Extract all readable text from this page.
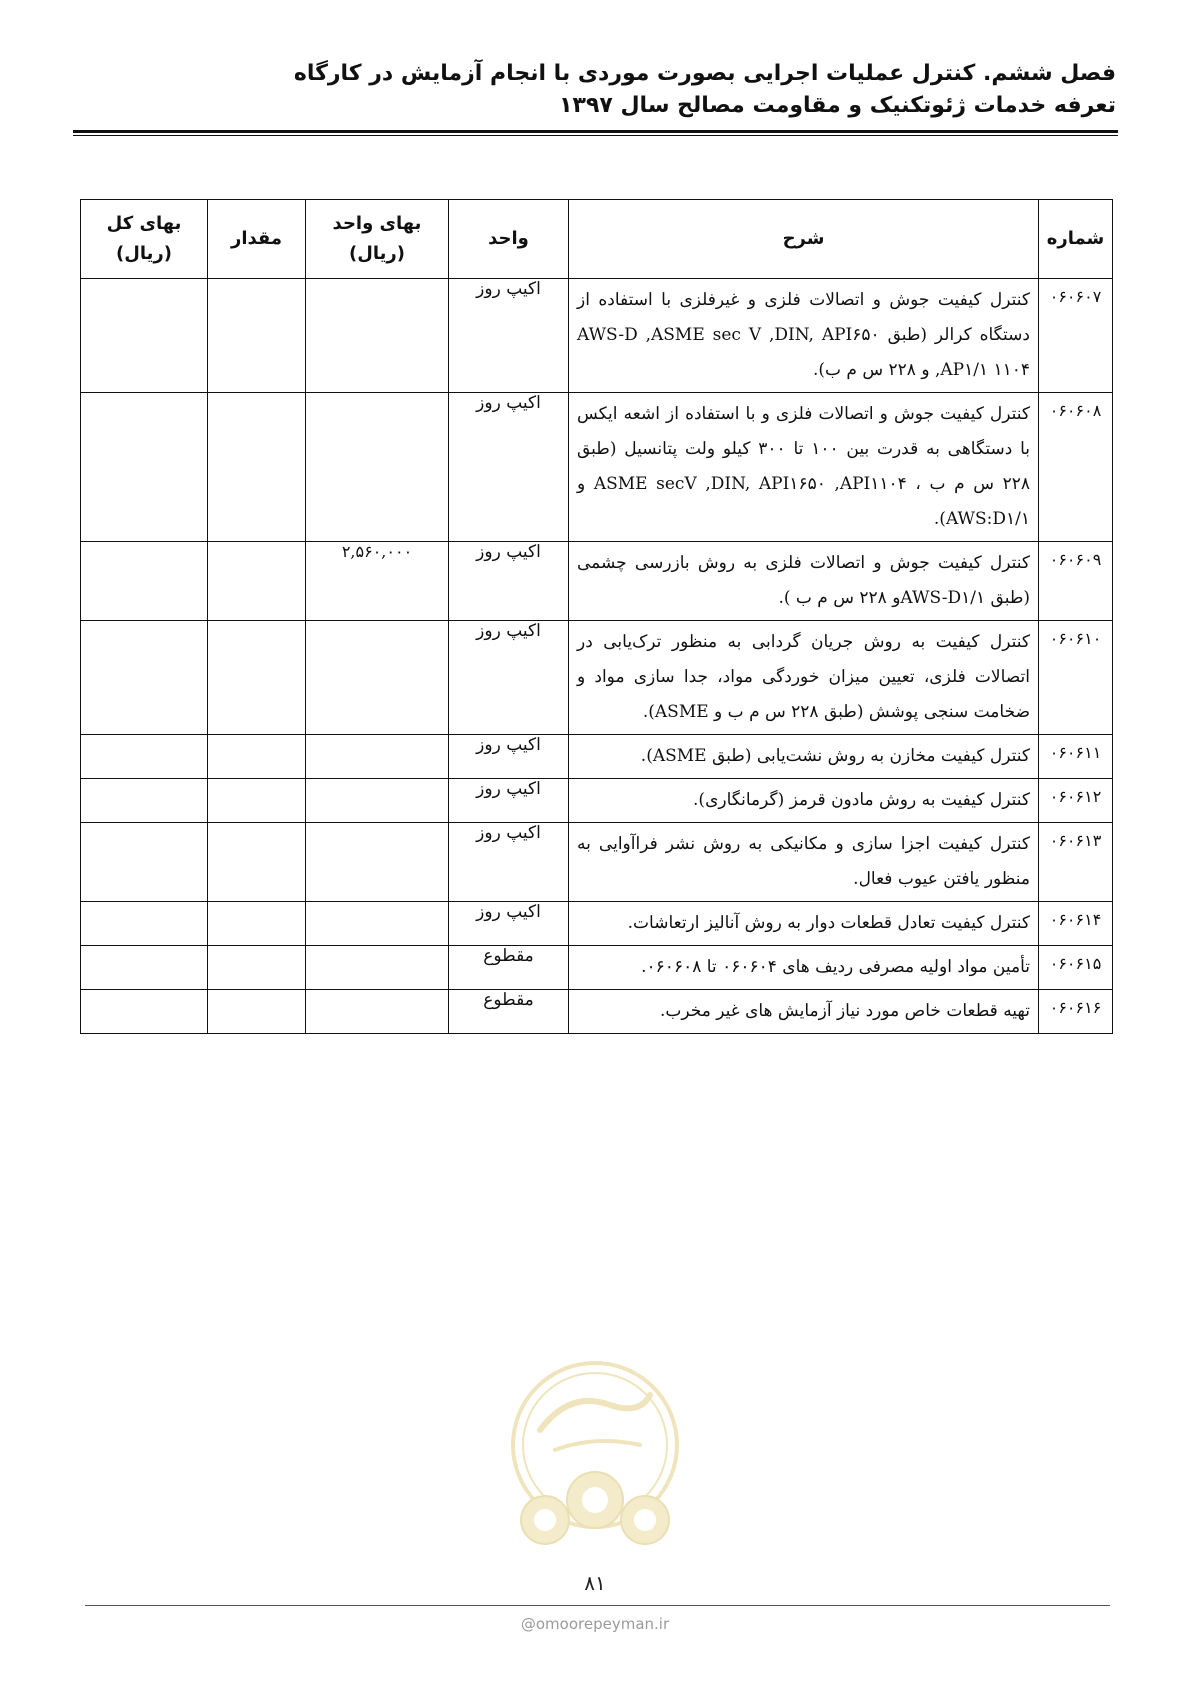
فصل ششم. کنترل عملیات اجرایی بصورت موردی با انجام آزمایش در کارگاه
تعرفه خدمات ژئوتکنیک و مقاومت مصالح سال ۱۳۹۷
شماره	شرح	واحد	بهای واحد (ریال)	مقدار	بهای کل (ریال)
۰۶۰۶۰۷	کنترل کیفیت جوش و اتصالات فلزی و غیرفلزی با استفاده از دستگاه کرالر (طبق AWS-D ,ASME sec V ,DIN, API۶۵۰ ,AP۱/۱ ۱۱۰۴ و ۲۲۸ س م ب).	اکیپ روز			
۰۶۰۶۰۸	کنترل کیفیت جوش و اتصالات فلزی و با استفاده از اشعه ایکس با دستگاهی به قدرت بین ۱۰۰ تا ۳۰۰ کیلو ولت پتانسیل (طبق ۲۲۸ س م ب ، ASME secV ,DIN, API۱۶۵۰ ,API۱۱۰۴ و AWS:D۱/۱).	اکیپ روز			
۰۶۰۶۰۹	کنترل کیفیت جوش و اتصالات فلزی به روش بازرسی چشمی (طبق AWS-D۱/۱و ۲۲۸ س م ب ).	اکیپ روز	۲,۵۶۰,۰۰۰		
۰۶۰۶۱۰	کنترل کیفیت به روش جریان گردابی به منظور ترک‌یابی در اتصالات فلزی، تعیین میزان خوردگی مواد، جدا سازی مواد و ضخامت سنجی پوشش (طبق ۲۲۸ س م ب و ASME).	اکیپ روز			
۰۶۰۶۱۱	کنترل کیفیت مخازن به روش نشت‌یابی (طبق ASME).	اکیپ روز			
۰۶۰۶۱۲	کنترل کیفیت به روش مادون قرمز (گرمانگاری).	اکیپ روز			
۰۶۰۶۱۳	کنترل کیفیت اجزا سازی و مکانیکی به روش نشر فراآوایی به منظور یافتن عیوب فعال.	اکیپ روز			
۰۶۰۶۱۴	کنترل کیفیت تعادل قطعات دوار به روش آنالیز ارتعاشات.	اکیپ روز			
۰۶۰۶۱۵	تأمین مواد اولیه مصرفی ردیف های ۰۶۰۶۰۴ تا ۰۶۰۶۰۸.	مقطوع			
۰۶۰۶۱۶	تهیه قطعات خاص مورد نیاز آزمایش های غیر مخرب.	مقطوع			
۸۱
@omoorepeyman.ir
